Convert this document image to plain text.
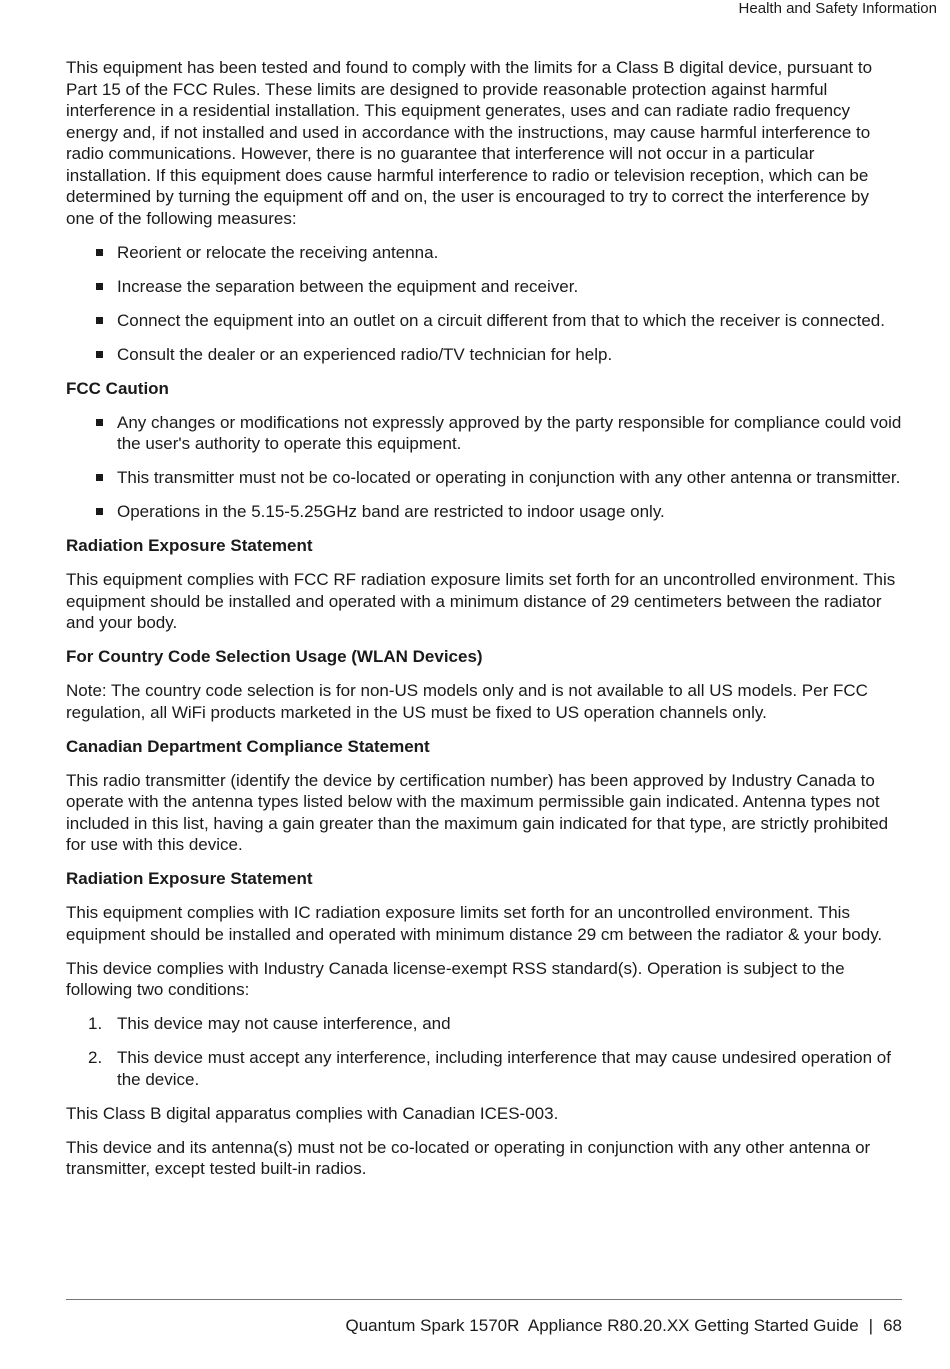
Health and Safety Information

This equipment has been tested and found to comply with the limits for a Class B digital device, pursuant to Part 15 of the FCC Rules. These limits are designed to provide reasonable protection against harmful interference in a residential installation. This equipment generates, uses and can radiate radio frequency energy and, if not installed and used in accordance with the instructions, may cause harmful interference to radio communications. However, there is no guarantee that interference will not occur in a particular installation. If this equipment does cause harmful interference to radio or television reception, which can be determined by turning the equipment off and on, the user is encouraged to try to correct the interference by one of the following measures:

Reorient or relocate the receiving antenna.
Increase the separation between the equipment and receiver.
Connect the equipment into an outlet on a circuit different from that to which the receiver is connected.
Consult the dealer or an experienced radio/TV technician for help.
FCC Caution
Any changes or modifications not expressly approved by the party responsible for compliance could void the user's authority to operate this equipment.
This transmitter must not be co-located or operating in conjunction with any other antenna or transmitter.
Operations in the 5.15-5.25GHz band are restricted to indoor usage only.
Radiation Exposure Statement

This equipment complies with FCC RF radiation exposure limits set forth for an uncontrolled environment. This equipment should be installed and operated with a minimum distance of 29 centimeters between the radiator and your body.

For Country Code Selection Usage (WLAN Devices)

Note: The country code selection is for non-US models only and is not available to all US models. Per FCC regulation, all WiFi products marketed in the US must be fixed to US operation channels only.

Canadian Department Compliance Statement

This radio transmitter (identify the device by certification number) has been approved by Industry Canada to operate with the antenna types listed below with the maximum permissible gain indicated. Antenna types not included in this list, having a gain greater than the maximum gain indicated for that type, are strictly prohibited for use with this device.

Radiation Exposure Statement

This equipment complies with IC radiation exposure limits set forth for an uncontrolled environment. This equipment should be installed and operated with minimum distance 29 cm between the radiator & your body.

This device complies with Industry Canada license-exempt RSS standard(s). Operation is subject to the following two conditions:

1. This device may not cause interference, and
2. This device must accept any interference, including interference that may cause undesired operation of the device.

This Class B digital apparatus complies with Canadian ICES-003.

This device and its antenna(s) must not be co-located or operating in conjunction with any other antenna or transmitter, except tested built-in radios.

Quantum Spark 1570R  Appliance R80.20.XX Getting Started Guide | 68
